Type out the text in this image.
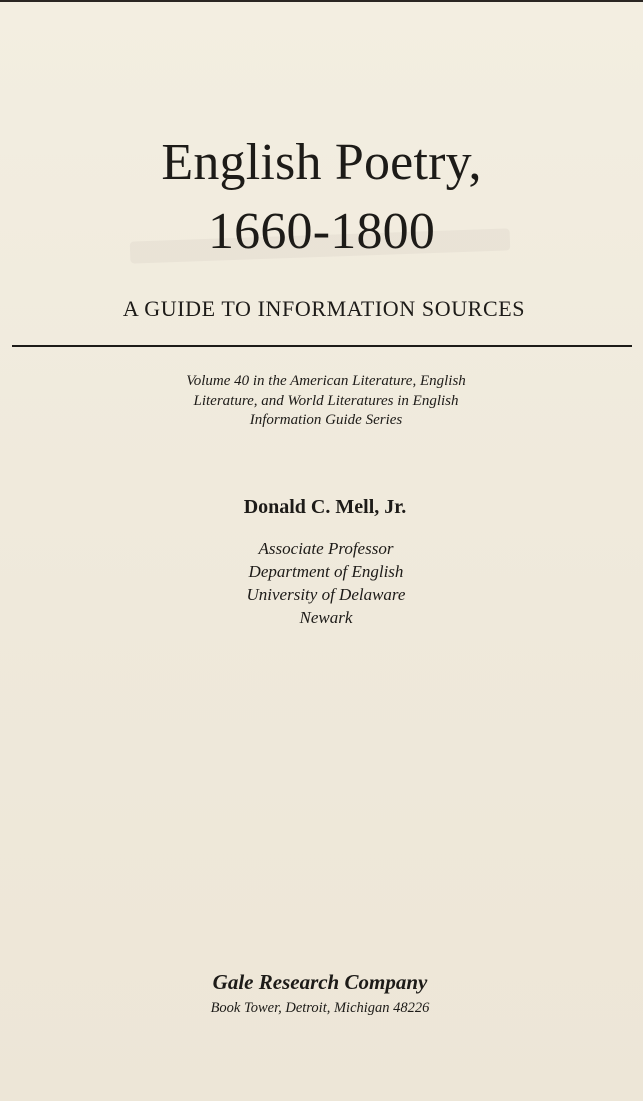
English Poetry,
1660-1800
A GUIDE TO INFORMATION SOURCES
Volume 40 in the American Literature, English
Literature, and World Literatures in English
Information Guide Series
Donald C. Mell, Jr.
Associate Professor
Department of English
University of Delaware
Newark
Gale Research Company
Book Tower, Detroit, Michigan 48226
